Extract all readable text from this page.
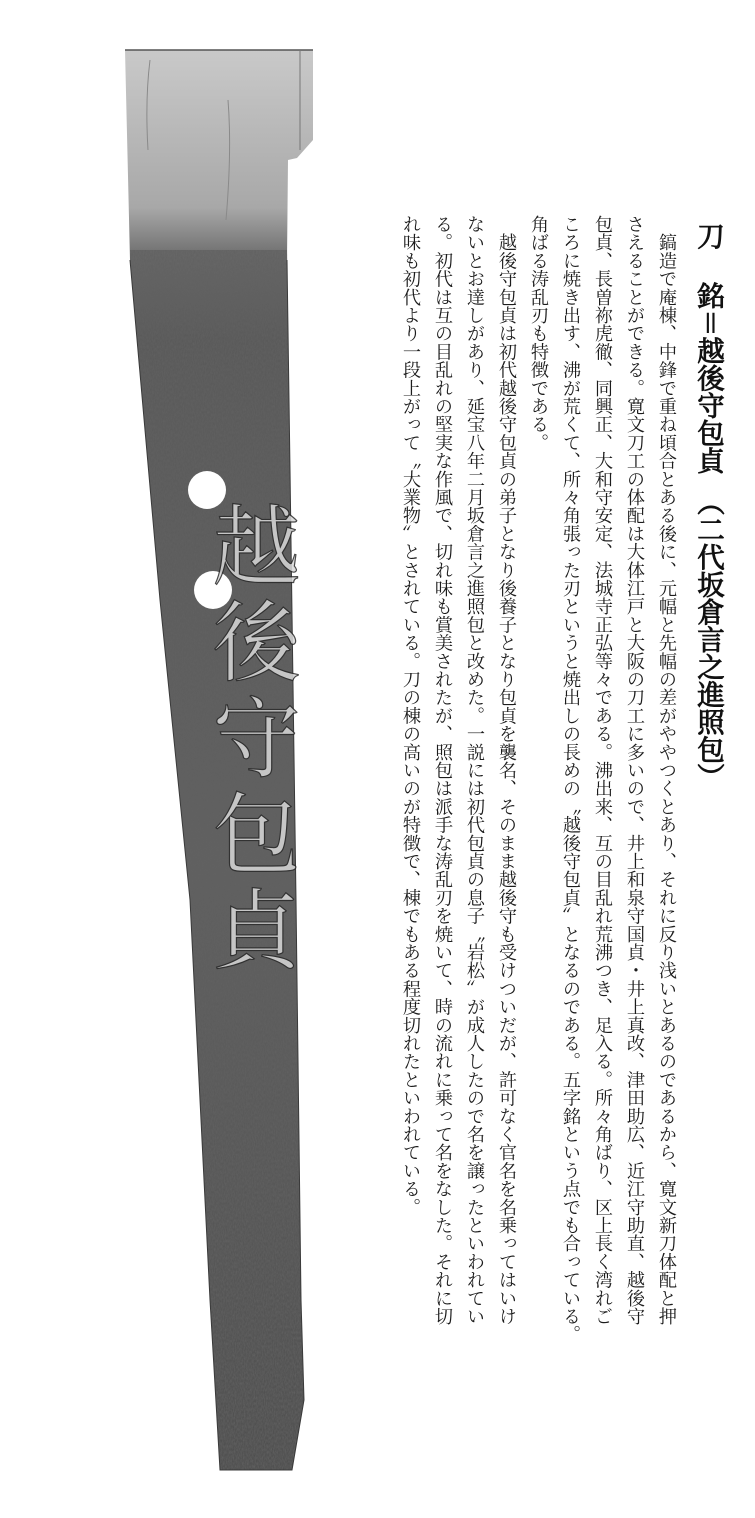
越後守包貞
刀銘＝越後守包貞（二代坂倉言之進照包）
　鎬造で庵棟、中鋒で重ね頃合とある後に、元幅と先幅の差がややつくとあり、それに反り浅いとあるのであるから、寛文新刀体配と押
さえることができる。寛文刀工の体配は大体江戸と大阪の刀工に多いので、井上和泉守国貞・井上真改、津田助広、近江守助直、越後守
包貞、長曽祢虎徹、同興正、大和守安定、法城寺正弘等々である。沸出来、互の目乱れ荒沸つき、足入る。所々角ばり、区上長く湾れご
ころに焼き出す、沸が荒くて、所々角張った刃というと焼出しの長めの〝越後守包貞〟となるのである。五字銘という点でも合っている。
角ばる涛乱刃も特徴である。
　越後守包貞は初代越後守包貞の弟子となり後養子となり包貞を襲名、そのまま越後守も受けついだが、許可なく官名を名乗ってはいけ
ないとお達しがあり、延宝八年二月坂倉言之進照包と改めた。一説には初代包貞の息子〝岩松〟が成人したので名を譲ったといわれてい
る。初代は互の目乱れの堅実な作風で、切れ味も賞美されたが、照包は派手な涛乱刃を焼いて、時の流れに乗って名をなした。それに切
れ味も初代より一段上がって〝大業物〟とされている。刀の棟の高いのが特徴で、棟でもある程度切れたといわれている。
